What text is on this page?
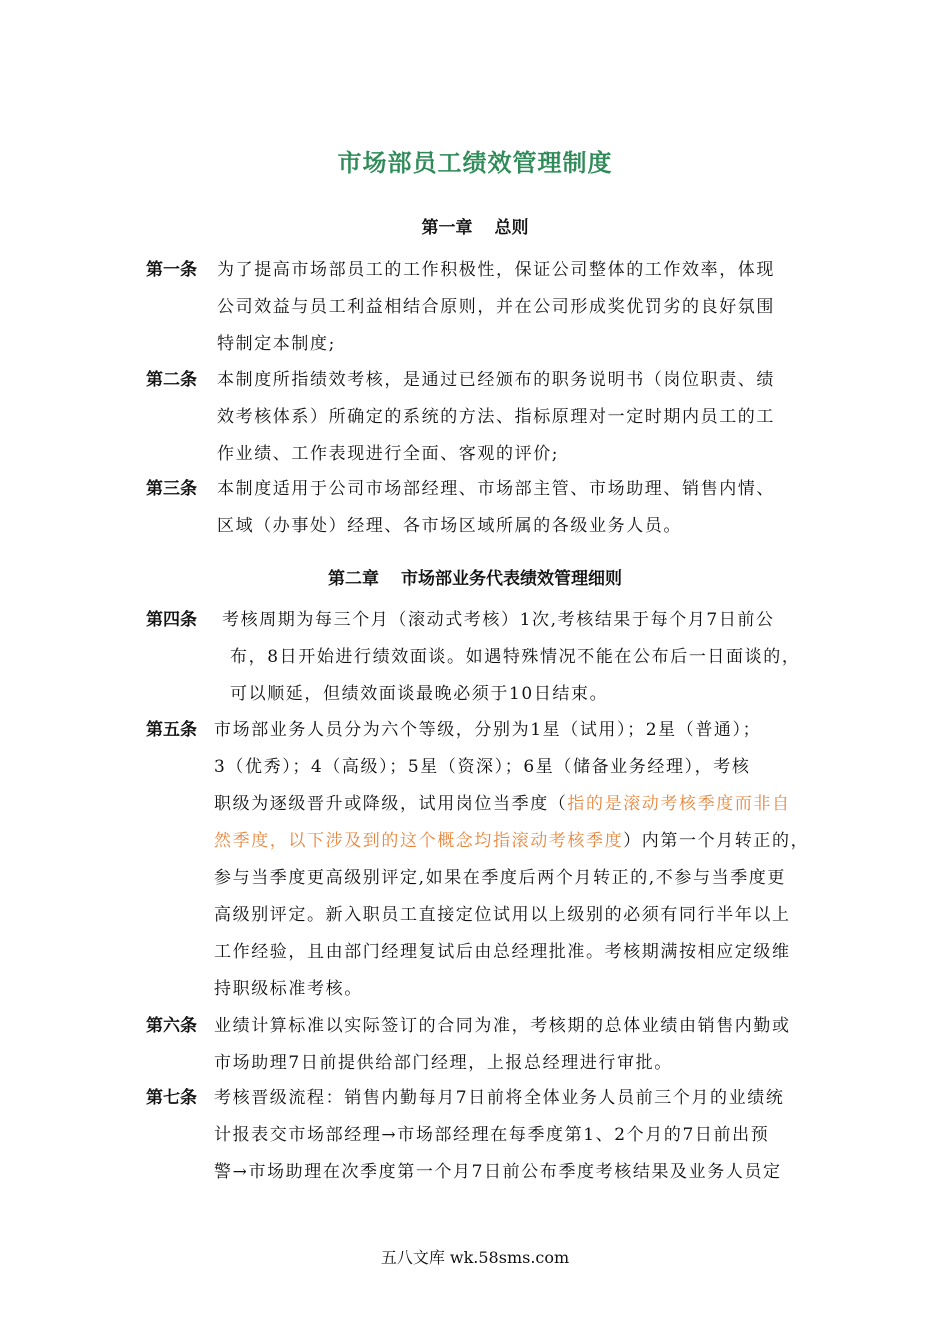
市场部员工绩效管理制度
第一章 总则
第一条 为了提高市场部员工的工作积极性，保证公司整体的工作效率，体现
公司效益与员工利益相结合原则，并在公司形成奖优罚劣的良好氛围
特制定本制度;
第二条 本制度所指绩效考核，是通过已经颁布的职务说明书（岗位职责、绩
效考核体系）所确定的系统的方法、指标原理对一定时期内员工的工
作业绩、工作表现进行全面、客观的评价;
第三条 本制度适用于公司市场部经理、市场部主管、市场助理、销售内情、
区域（办事处）经理、各市场区域所属的各级业务人员。
第二章 市场部业务代表绩效管理细则
第四条 考核周期为每三个月（滚动式考核）1次,考核结果于每个月7日前公
布，8日开始进行绩效面谈。如遇特殊情况不能在公布后一日面谈的，
可以顺延，但绩效面谈最晚必须于10日结束。
第五条 市场部业务人员分为六个等级，分别为1星（试用）；2星（普通）；
3（优秀）；4（高级）；5星（资深）；6星（储备业务经理），考核
职级为逐级晋升或降级，试用岗位当季度（指的是滚动考核季度而非自
然季度，以下涉及到的这个概念均指滚动考核季度）内第一个月转正的，
参与当季度更高级别评定,如果在季度后两个月转正的,不参与当季度更
高级别评定。新入职员工直接定位试用以上级别的必须有同行半年以上
工作经验，且由部门经理复试后由总经理批准。考核期满按相应定级维
持职级标准考核。
第六条 业绩计算标准以实际签订的合同为准，考核期的总体业绩由销售内勤或
市场助理7日前提供给部门经理，上报总经理进行审批。
第七条 考核晋级流程：销售内勤每月7日前将全体业务人员前三个月的业绩统
计报表交市场部经理→市场部经理在每季度第1、2个月的7日前出预
警→市场助理在次季度第一个月7日前公布季度考核结果及业务人员定
五八文库 wk.58sms.com
